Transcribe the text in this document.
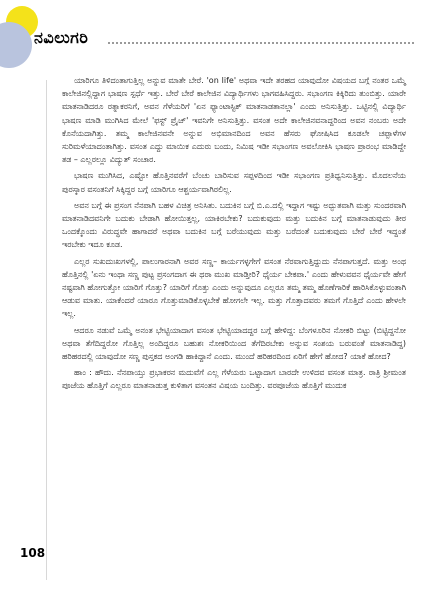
ನವಿಲುಗರಿ

ಯಾರಿಗೂ ತಿಳಿದಂತಾಗುತ್ತಿಲ್ಲ ಅನ್ನುವ ಮಾತೇ ಬೇರೆ. 'on life' ಅಥವಾ ಇದೇ ತರಹದ ಯಾವುದೋ ವಿಷಯದ ಬಗ್ಗೆ ನಂತರ ಒಮ್ಮೆ ಕಾಲೇಜಿನಲ್ಲಿದ್ದಾಗ ಭಾಷಣ ಸ್ಪರ್ಧೆ ಇತ್ತು. ಬೇರೆ ಬೇರೆ ಕಾಲೇಜಿನ ವಿದ್ಯಾರ್ಥಿಗಳು ಭಾಗವಹಿಸಿದ್ದರು. ಸಭಾಂಗಣ ಕಿಕ್ಕಿರಿದು ತುಂಬಿತ್ತು. ಯಾರೇ ಮಾತನಾಡಿದರೂ ರತ್ನಾಕರನಿಗೆ, ಅವನ ಗೆಳೆಯರಿಗೆ 'ಏನ ಫ್ಯಾಂಟಾಸ್ಟಿಕ್ ಮಾತನಾಡತಾನಲ್ಲಾ' ಎಂದು ಅನಿಸುತ್ತಿತ್ತು. ಒಟ್ಟಿನಲ್ಲಿ ವಿದ್ಯಾರ್ಥಿ ಭಾಷಣ ಮಾಡಿ ಮುಗಿಸಿದ ಮೇಲೆ 'ಫಸ್ಟ್ ಪ್ರೈಜ್' ಇವನಿಗೇ ಅನಿಸುತ್ತಿತ್ತು. ವಸಂತ ಅದೇ ಕಾಲೇಜಿನವನಾದ್ದರಿಂದ ಅವನ ನಂಬರು ಅದೇ ಕೊನೆಯದಾಗಿತ್ತು. ತಮ್ಮ ಕಾಲೇಜಿನವನೇ ಅನ್ನುವ ಅಭಿಮಾನದಿಂದ ಅವನ ಹೆಸರು ಘೋಷಿಸಿದ ಕೂಡಲೇ ಚಪ್ಪಾಳೆಗಳ ಸುರಿಮಳೆಯಾದಂತಾಗಿತ್ತು. ವಸಂತ ಎದ್ದು ಮಾಯಿಕ ಎದುರು ಬಂದು, ನಿಮಿಷ ಇಡೀ ಸಭಾಂಗಣ ಅವಲೋಕಿಸಿ ಭಾಷಣ ಪ್ರಾರಂಭ ಮಾಡಿದ್ದೇ ತಡ – ಎಲ್ಲರಲ್ಲೂ ವಿದ್ಯುತ್ ಸಂಚಾರ.

ಭಾಷಣ ಮುಗಿಸಿದ, ಎಷ್ಟೋ ಹೊತ್ತಿನವರೆಗೆ ಬೆಂಚು ಬಾರಿಸುವ ಸಪ್ಪಳದಿಂದ ಇಡೀ ಸಭಾಂಗಣ ಪ್ರತಿಧ್ವನಿಸುತ್ತಿತ್ತು. ಮೊದಲನೆಯ ಪುರಸ್ಕಾರ ವಸಂತನಿಗೆ ಸಿಕ್ಕಿದ್ದರ ಬಗ್ಗೆ ಯಾರಿಗೂ ಆಶ್ಚರ್ಯವಾಗಿರಲಿಲ್ಲ.

ಅವನ ಬಗ್ಗೆ ಈ ಪ್ರಸಂಗ ನೆನಪಾಗಿ ಬಹಳ ವಿಚಿತ್ರ ಅನಿಸಿತು. ಬದುಕಿನ ಬಗ್ಗೆ ಬಿ.ಎ.ದಲ್ಲಿ ಇದ್ದಾಗ ಇಷ್ಟು ಅದ್ಭುತವಾಗಿ ಮತ್ತು ಸುಂದರವಾಗಿ ಮಾತನಾಡಿದವನಿಗೇ ಬದುಕು ಬೇಡಾಗಿ ಹೋಯಿತ್ತಲ್ಲ, ಯಾಕಿರಬೇಕು? ಬದುಕುವುದು ಮತ್ತು ಬದುಕಿನ ಬಗ್ಗೆ ಮಾತನಾಡುವುದು ತೀರ ಒಂದಕ್ಕೊಂದು ವಿರುದ್ಧವೇ ಹಾಗಾದರೆ ಅಥವಾ ಬದುಕಿನ ಬಗ್ಗೆ ಬರೆಯುವುದು ಮತ್ತು ಬರೆದಂತೆ ಬದುಕುವುದು ಬೇರೆ ಬೇರೆ ಇದ್ದಂತೆ ಇರಬೇಕು ಇದೂ ಕೂಡ.

ಎಲ್ಲರ ಸುಖದುಃಖಗಳಲ್ಲಿ, ಪಾಲುಗಾರನಾಗಿ ಅವರ ಸಣ್ಣ– ಕಾರ್ಯಗಳ್ಳಗೇಗೆ ವಸಂತ ನೆರವಾಗುತ್ತಿದ್ದುದು ನೆನಪಾಗುತ್ತದೆ. ಮತ್ತು ಅಂಥ ಹೊತ್ತಿನಲ್ಲಿ 'ಏನು ಇಂಥಾ ಸಣ್ಣ ಪುಟ್ಟ ಪ್ರಸಂಗದಾಗ ಈ ಥರಾ ಮುಖ ಮಾಡ್ತೀರಿ? ಧೈರ್ಯ ಬೇಕಪಾ.' ಎಂದು ಹೇಳುವವನ ಧೈರ್ಯವೇ ಹೇಗೆ ನಷ್ಟವಾಗಿ ಹೋಗುತ್ತೋ ಯಾರಿಗೆ ಗೊತ್ತು? ಯಾರಿಗೆ ಗೊತ್ತು ಎಂದು ಅನ್ನುವುದೂ ಎಲ್ಲರೂ ತಮ್ಮ ತಮ್ಮ ಹೊಣೆಗಾರಿಕೆ ಹಾರಿಸಿಕೊಳ್ಳುವಂತಾಗಿ ಆಡುವ ಮಾತು. ಯಾಕೆಂದರೆ ಯಾರೂ ಗೊತ್ತುಮಾಡಿಕೊಳ್ಳಬೇಕೆ ಹೋಗಲೇ ಇಲ್ಲ. ಮತ್ತು ಗೊತ್ತಾದವರು ತಮಗೆ ಗೊತ್ತಿದೆ ಎಂದು ಹೇಳಲೇ ಇಲ್ಲ.

ಆದರೂ ನಡುವೆ ಒಮ್ಮೆ ಅನಂತ ಭೇಟ್ಟಿಯಾದಾಗ ವಸಂತ ಭೇಟ್ಟಿಯಾದದ್ದರ ಬಗ್ಗೆ ಹೇಳಿದ್ದ: ಬೆಂಗಳೂರಿನ ನೋಕರಿ ಬಿಟ್ಟು (ಬಿಟ್ಟಿದ್ದನೋ ಅಥವಾ ತೆಗೆದಿದ್ದರೋ ಗೊತ್ತಿಲ್ಲ ಅಂದಿದ್ದರೂ ಬಹುಶಃ ನೋಕರಿಯಿಂದ ತೆಗೆದಿರಬೇಕು ಅನ್ನುವ ಸಂಶಯ ಬರುವಂತೆ ಮಾತನಾಡಿದ್ದ) ಹರಿಹರದಲ್ಲಿ ಯಾವುದೋ ಸಣ್ಣ ಪುಸ್ತಕದ ಅಂಗಡಿ ಹಾಕಿದ್ದಾನೆ ಎಂದು. ಮುಂದೆ ಹರಿಹರದಿಂದ ಏರಿಗೆ ಹೇಗೆ ಹೋದ? ಯಾಕೆ ಹೋದ?

ಹಾಂ : ಹೌದು. ನೆನಪಾಯ್ತು ಪ್ರಭಾಕರನ ಮದುವೆಗೆ ಎಲ್ಲ ಗೆಳೆಯರು ಒಟ್ಟಾದಾಗ ಬಾರದೇ ಉಳಿದವ ವಸಂತ ಮಾತ್ರ. ರಾತ್ರಿ ಶ್ರೀಮಂತ ಪೂಜೆಯ ಹೊತ್ತಿಗೆ ಎಲ್ಲರೂ ಮಾತನಾಡುತ್ತ ಕುಳಿತಾಗ ವಸಂತನ ವಿಷಯ ಬಂದಿತ್ತು. ವರಪೂಜೆಯ ಹೊತ್ತಿಗೆ ಮುದುಕ

108
